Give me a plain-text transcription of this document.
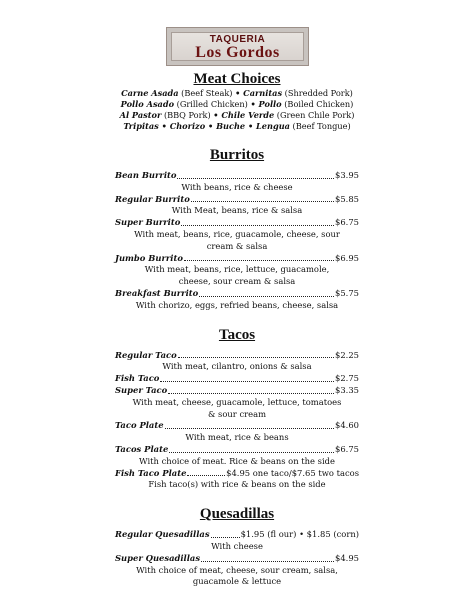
TAQUERIA
Los Gordos
Meat Choices
Carne Asada (Beef Steak) • Carnitas (Shredded Pork)
Pollo Asado (Grilled Chicken) • Pollo (Boiled Chicken)
Al Pastor (BBQ Pork) • Chile Verde (Green Chile Pork)
Tripitas • Chorizo • Buche • Lengua (Beef Tongue)
Burritos
Bean Burrito	$3.95
With beans, rice & cheese
Regular Burrito	$5.85
With Meat, beans, rice & salsa
Super Burrito	$6.75
With meat, beans, rice, guacamole, cheese, sour
cream & salsa
Jumbo Burrito	$6.95
With meat, beans, rice, lettuce, guacamole,
cheese, sour cream & salsa
Breakfast Burrito	$5.75
With chorizo, eggs, refried beans, cheese, salsa
Tacos
Regular Taco	$2.25
With meat, cilantro, onions & salsa
Fish Taco	$2.75
Super Taco	$3.35
With meat, cheese, guacamole, lettuce, tomatoes
& sour cream
Taco Plate	$4.60
With meat, rice & beans
Tacos Plate	$6.75
With choice of meat. Rice & beans on the side
Fish Taco Plate	$4.95 one taco/$7.65 two tacos
Fish taco(s) with rice & beans on the side
Quesadillas
Regular Quesadillas	$1.95 (fl our) • $1.85 (corn)
With cheese
Super Quesadillas	$4.95
With choice of meat, cheese, sour cream, salsa,
guacamole & lettuce
